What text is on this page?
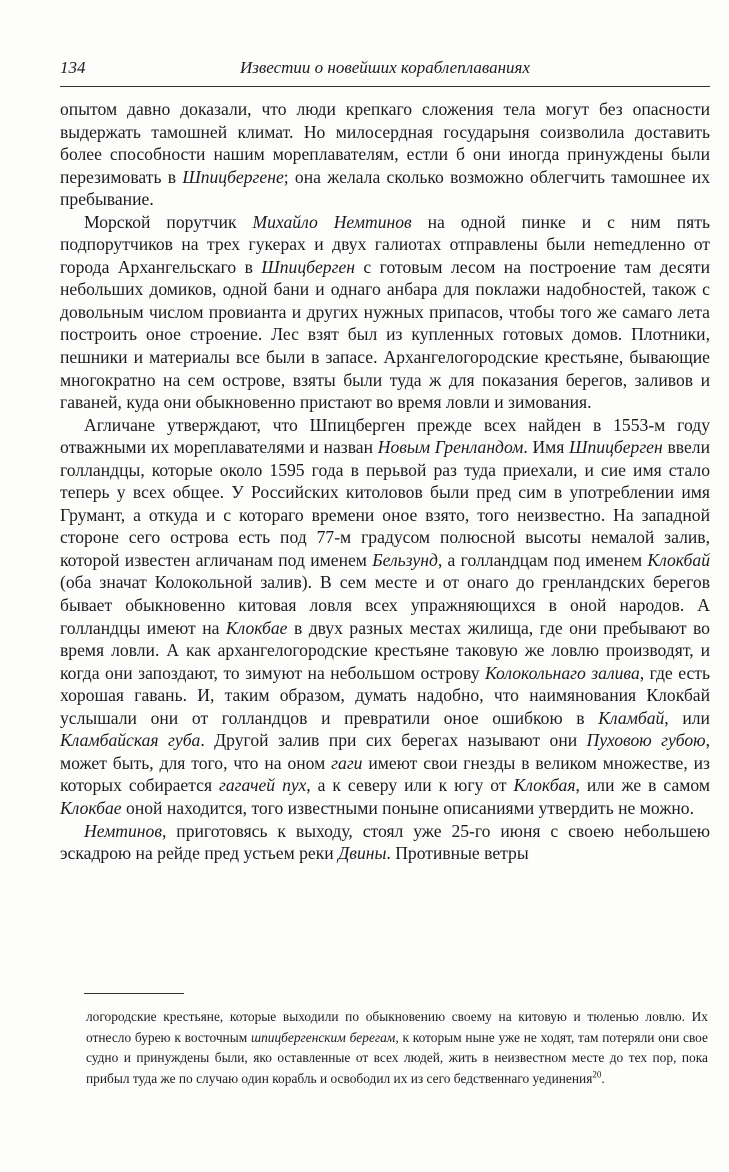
134	Известии о новейших кораблеплаваниях

опытом давно доказали, что люди крепкаго сложения тела могут без опасности выдержать тамошней климат. Но милосердная государыня соизволила доставить более способности нашим мореплавателям, естли б они иногда принуждены были перезимовать в Шпицбергене; она желала сколько возможно облегчить тамошнее их пребывание.

Морской порутчик Михайло Немтинов на одной пинке и с ним пять подпорутчиков на трех гукерах и двух галиотах отправлены были неmедленно от города Архангельскаго в Шпицберген с готовым лесом на построение там десяти небольших домиков, одной бани и однаго анбара для поклажи надобностей, також с довольным числом провианта и других нужных припасов, чтобы того же самаго лета построить оное строение. Лес взят был из купленных готовых домов. Плотники, пешники и материалы все были в запасе. Архангелогородские крестьяне, бывающие многократно на сем острове, взяты были туда ж для показания берегов, заливов и гаваней, куда они обыкновенно пристают во время ловли и зимования.

Агличане утверждают, что Шпицберген прежде всех найден в 1553-м году отважными их мореплавателями и назван Новым Гренландом. Имя Шпицберген ввели голландцы, которые около 1595 года в перьвой раз туда приехали, и сие имя стало теперь у всех общее. У Российских китоловов были пред сим в употреблении имя Грумант, а откуда и с котораго времени оное взято, того неизвестно. На западной стороне сего острова есть под 77-м градусом полюсной высоты немалой залив, которой известен агличанам под именем Бельзунд, а голландцам под именем Клокбай (оба значат Колокольной залив). В сем месте и от онаго до гренландских берегов бывает обыкновенно китовая ловля всех упражняющихся в оной народов. А голландцы имеют на Клокбае в двух разных местах жилища, где они пребывают во время ловли. А как архангелогородские крестьяне таковую же ловлю производят, и когда они запоздают, то зимуют на небольшом острову Колокольнаго залива, где есть хорошая гавань. И, таким образом, думать надобно, что наимянования Клокбай услышали они от голландцов и превратили оное ошибкою в Кламбай, или Кламбайская губа. Другой залив при сих берегах называют они Пуховою губою, может быть, для того, что на оном гаги имеют свои гнезды в великом множестве, из которых собирается гагачей пух, а к северу или к югу от Клокбая, или же в самом Клокбае оной находится, того известными поныне описаниями утвердить не можно.

Немтинов, приготовясь к выходу, стоял уже 25-го июня с своею небольшею эскадрою на рейде пред устьем реки Двины. Противные ветры

логородские крестьяне, которые выходили по обыкновению своему на китовую и тюленью ловлю. Их отнесло бурею к восточным шпицбергенским берегам, к которым ныне уже не ходят, там потеряли они свое судно и принуждены были, яко оставленные от всех людей, жить в неизвестном месте до тех пор, пока прибыл туда же по случаю один корабль и освободил их из сего бедственнаго уединения$^{20}$.
